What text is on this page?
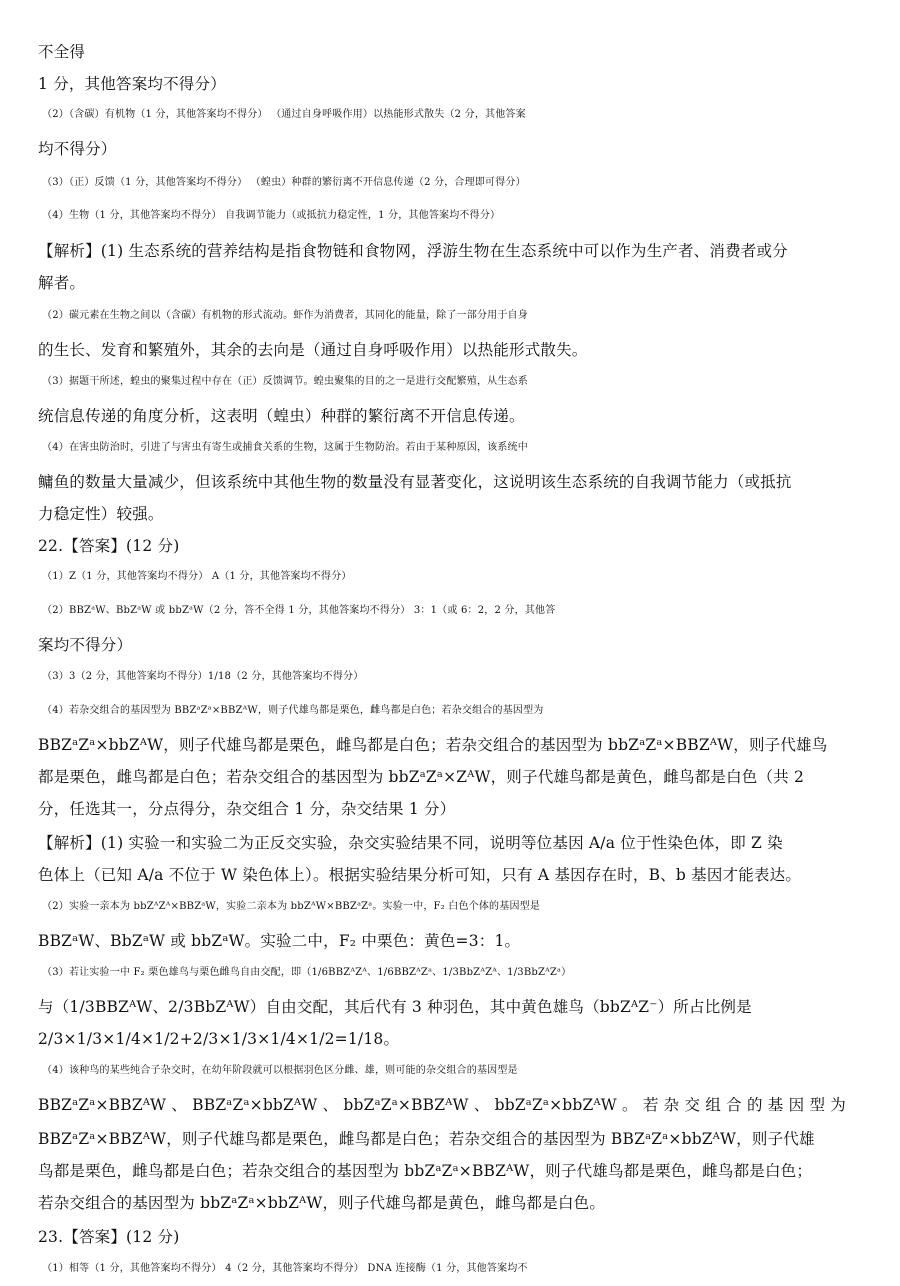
不全得
1 分，其他答案均不得分）
（2）（含碳）有机物（1 分，其他答案均不得分） （通过自身呼吸作用）以热能形式散失（2 分，其他答案
均不得分）
（3）（正）反馈（1 分，其他答案均不得分） （蝗虫）种群的繁衍离不开信息传递（2 分，合理即可得分）
（4）生物（1 分，其他答案均不得分） 自我调节能力（或抵抗力稳定性，1 分，其他答案均不得分）
【解析】(1) 生态系统的营养结构是指食物链和食物网，浮游生物在生态系统中可以作为生产者、消费者或分
解者。
（2）碳元素在生物之间以（含碳）有机物的形式流动。虾作为消费者，其同化的能量，除了一部分用于自身
的生长、发育和繁殖外，其余的去向是（通过自身呼吸作用）以热能形式散失。
（3）据题干所述，蝗虫的聚集过程中存在（正）反馈调节。蝗虫聚集的目的之一是进行交配繁殖，从生态系
统信息传递的角度分析，这表明（蝗虫）种群的繁衍离不开信息传递。
（4）在害虫防治时，引进了与害虫有寄生或捕食关系的生物，这属于生物防治。若由于某种原因，该系统中
鳙鱼的数量大量减少，但该系统中其他生物的数量没有显著变化，这说明该生态系统的自我调节能力（或抵抗
力稳定性）较强。
22.【答案】(12 分)
（1）Z（1 分，其他答案均不得分） A（1 分，其他答案均不得分）
（2）BBZᵃW、BbZᵃW 或 bbZᵃW（2 分，答不全得 1 分，其他答案均不得分） 3：1（或 6：2，2 分，其他答
案均不得分）
（3）3（2 分，其他答案均不得分）1/18（2 分，其他答案均不得分）
（4）若杂交组合的基因型为 BBZᵃZᵃ×BBZᴬW，则子代雄鸟都是栗色，雌鸟都是白色；若杂交组合的基因型为
BBZᵃZᵃ×bbZᴬW，则子代雄鸟都是栗色，雌鸟都是白色；若杂交组合的基因型为 bbZᵃZᵃ×BBZᴬW，则子代雄鸟
都是栗色，雌鸟都是白色；若杂交组合的基因型为 bbZᵃZᵃ×ZᴬW，则子代雄鸟都是黄色，雌鸟都是白色（共 2
分，任选其一，分点得分，杂交组合 1 分，杂交结果 1 分）
【解析】(1) 实验一和实验二为正反交实验，杂交实验结果不同，说明等位基因 A/a 位于性染色体，即 Z 染
色体上（已知 A/a 不位于 W 染色体上）。根据实验结果分析可知，只有 A 基因存在时，B、b 基因才能表达。
（2）实验一亲本为 bbZᴬZᴬ×BBZᵃW，实验二亲本为 bbZᴬW×BBZᵃZᵃ。实验一中，F₂ 白色个体的基因型是
BBZᵃW、BbZᵃW 或 bbZᵃW。实验二中，F₂ 中栗色：黄色=3：1。
（3）若让实验一中 F₂ 栗色雄鸟与栗色雌鸟自由交配，即（1/6BBZᴬZᴬ、1/6BBZᴬZᵃ、1/3BbZᴬZᴬ、1/3BbZᴬZᵃ）
与（1/3BBZᴬW、2/3BbZᴬW）自由交配，其后代有 3 种羽色，其中黄色雄鸟（bbZᴬZ⁻）所占比例是
2/3×1/3×1/4×1/2+2/3×1/3×1/4×1/2=1/18。
（4）该种鸟的某些纯合子杂交时，在幼年阶段就可以根据羽色区分雌、雄，则可能的杂交组合的基因型是
BBZᵃZᵃ×BBZᴬW 、 BBZᵃZᵃ×bbZᴬW 、 bbZᵃZᵃ×BBZᴬW 、 bbZᵃZᵃ×bbZᴬW 。 若 杂 交 组 合 的 基 因 型 为
BBZᵃZᵃ×BBZᴬW，则子代雄鸟都是栗色，雌鸟都是白色；若杂交组合的基因型为 BBZᵃZᵃ×bbZᴬW，则子代雄
鸟都是栗色，雌鸟都是白色；若杂交组合的基因型为 bbZᵃZᵃ×BBZᴬW，则子代雄鸟都是栗色，雌鸟都是白色；
若杂交组合的基因型为 bbZᵃZᵃ×bbZᴬW，则子代雄鸟都是黄色，雌鸟都是白色。
23.【答案】(12 分)
（1）相等（1 分，其他答案均不得分） 4（2 分，其他答案均不得分） DNA 连接酶（1 分，其他答案均不
